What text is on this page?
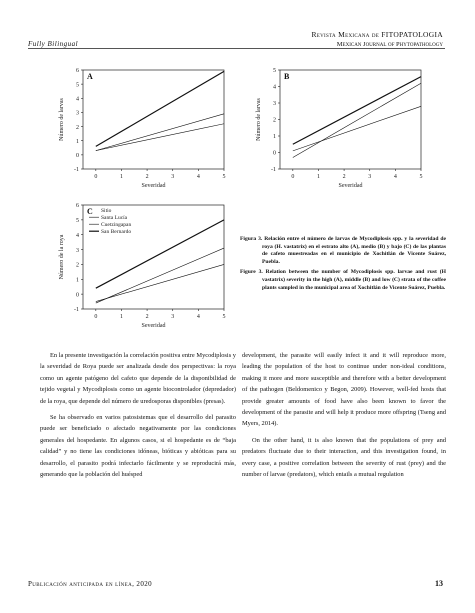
Fully Bilingual
Revista Mexicana de FITOPATOLOGIA
Mexican Journal of Phytopathology
-1
0
1
2
3
4
5
6
0	1	2	3	4	5
Severidad
Número de larvas
A
-1
0
1
2
3
4
5
0	1	2	3	4	5
Severidad
Número de larvas
B
-1
0
1
2
3
4
5
6
0	1	2	3	4	5
Severidad
Número de la roya
C Sitio
Santa Lucía
Cuetzingapan
San Bernardo

Figura 3. Relación entre el número de larvas de Mycodiplosis spp. y la severidad de roya (H. vastatrix) en el estrato alto (A), medio (B) y bajo (C) de las plantas de cafeto muestreadas en el municipio de Xochitlán de Vicente Suárez, Puebla.

Figure 3. Relation between the number of Mycodiplosis spp. larvae and rust (H vastatrix) severity in the high (A), middle (B) and low (C) strata of the coffee plants sampled in the municipal area of Xochitlán de Vicente Suárez, Puebla.

En la presente investigación la correlación positiva entre Mycodiplosis y la severidad de Roya puede ser analizada desde dos perspectivas: la roya como un agente patógeno del cafeto que depende de la disponibilidad de tejido vegetal y Mycodiplosis como un agente biocontrolador (depredador) de la roya, que depende del número de uredosporas disponibles (presas).

Se ha observado en varios patosistemas que el desarrollo del parasito puede ser beneficiado o afectado negativamente por las condiciones generales del hospedante. En algunos casos, si el hospedante es de “baja calidad” y no tiene las condiciones idóneas, bióticas y abióticas para su desarrollo, el parasito podrá infectarlo fácilmente y se reproducirá más, generando que la población del huésped

development, the parasite will easily infect it and it will reproduce more, leading the population of the host to continue under non-ideal conditions, making it more and more susceptible and therefore with a better development of the pathogen (Beldomenico y Begon, 2009). However, well-fed hosts that provide greater amounts of food have also been known to favor the development of the parasite and will help it produce more offspring (Tseng and Myers, 2014).

On the other hand, it is also known that the populations of prey and predators fluctuate due to their interaction, and this investigation found, in every case, a positive correlation between the severity of rust (prey) and the number of larvae (predators), which entails a mutual regulation

Publicación anticipada en línea, 2020	13
